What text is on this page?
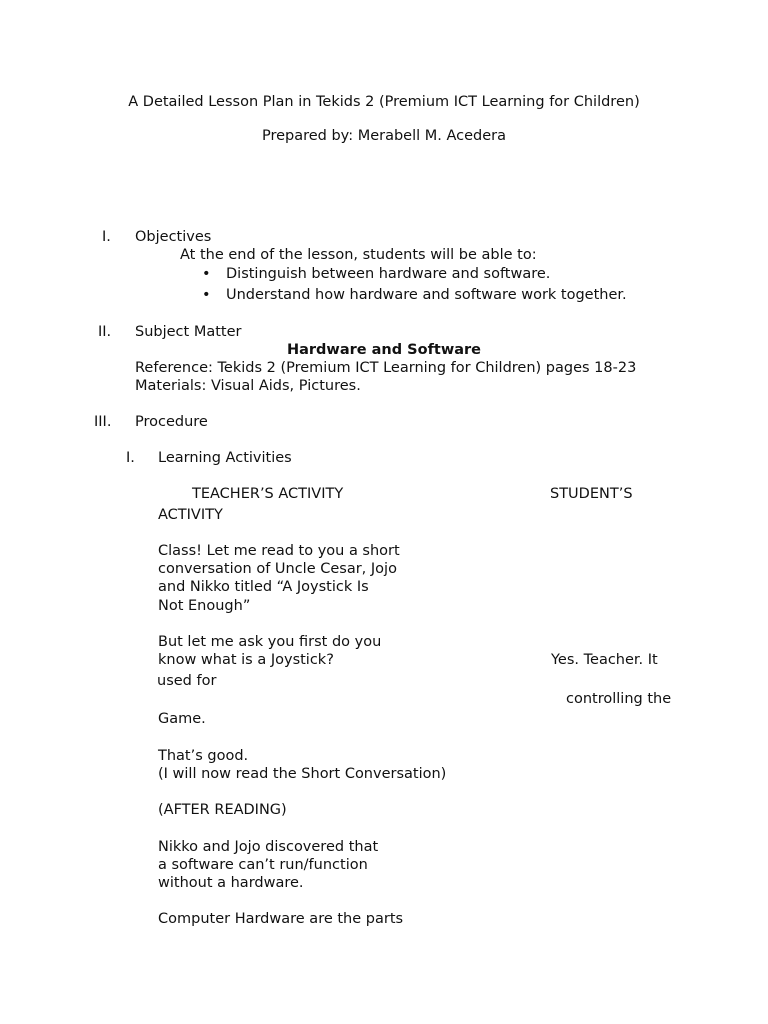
A Detailed Lesson Plan in Tekids 2 (Premium ICT Learning for Children)
Prepared by: Merabell M. Acedera
I. Objectives
At the end of the lesson, students will be able to:
• Distinguish between hardware and software.
• Understand how hardware and software work together.
II. Subject Matter
Hardware and Software
Reference: Tekids 2 (Premium ICT Learning for Children) pages 18-23
Materials: Visual Aids, Pictures.
III. Procedure
I. Learning Activities
TEACHER’S ACTIVITY	STUDENT’S
ACTIVITY
Class! Let me read to you a short
conversation of Uncle Cesar, Jojo
and Nikko titled “A Joystick Is
Not Enough”
But let me ask you first do you
know what is a Joystick?	Yes. Teacher. It
used for
controlling the
Game.
That’s good.
(I will now read the Short Conversation)
(AFTER READING)
Nikko and Jojo discovered that
a software can’t run/function
without a hardware.
Computer Hardware are the parts
